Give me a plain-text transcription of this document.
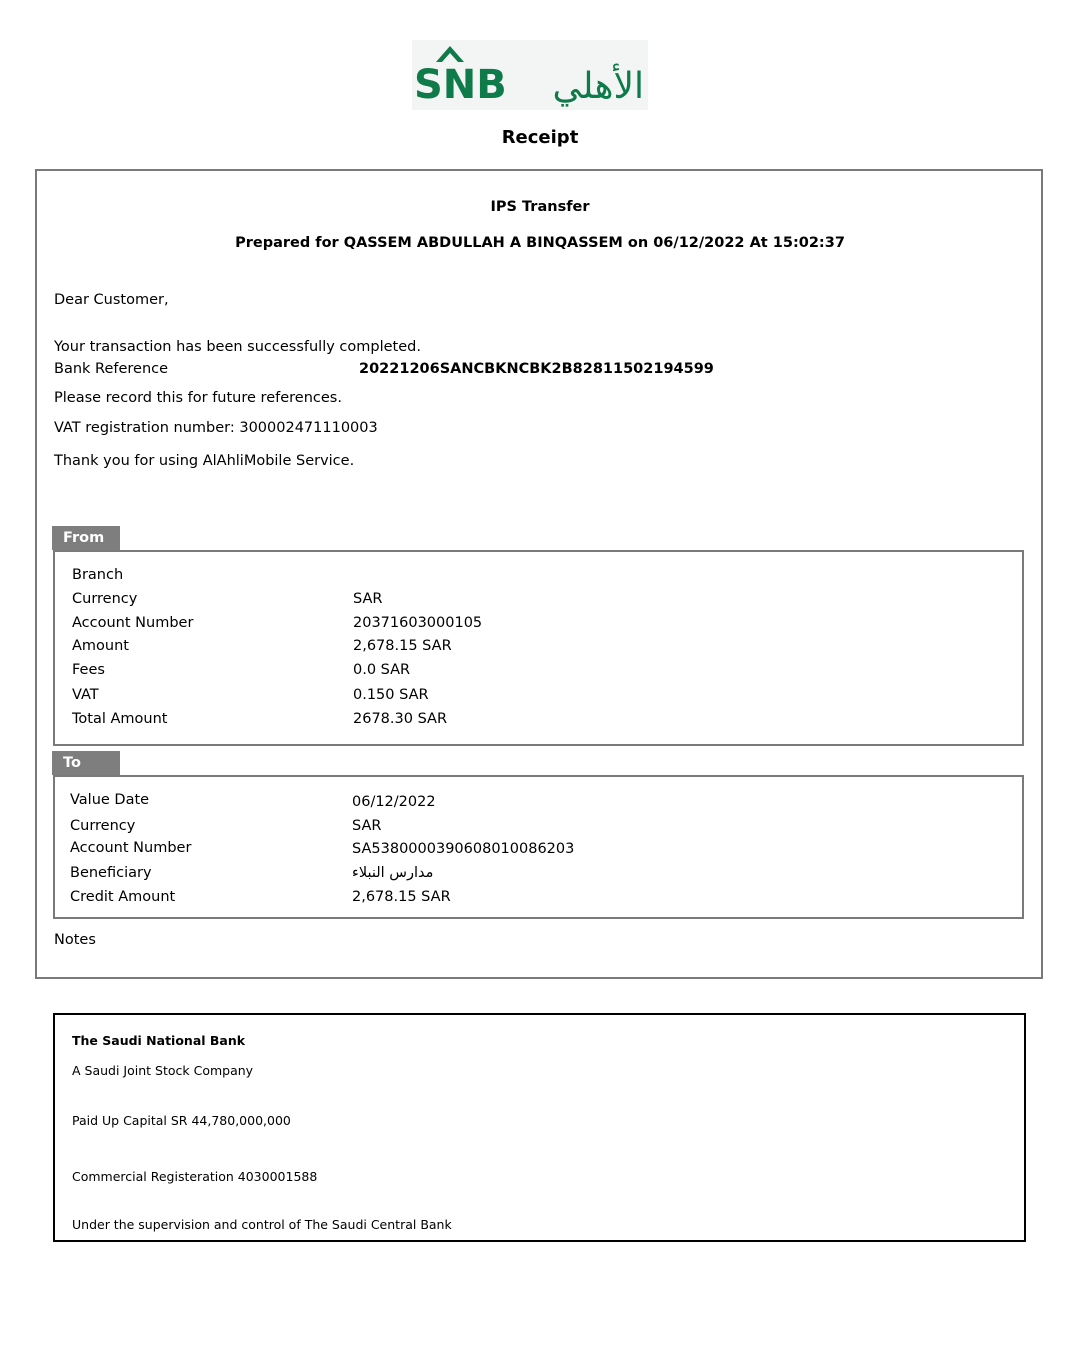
SNB الأهلي
Receipt
IPS Transfer
Prepared for QASSEM ABDULLAH A BINQASSEM on 06/12/2022 At 15:02:37
Dear Customer,
Your transaction has been successfully completed.
Bank Reference	20221206SANCBKNCBK2B82811502194599
Please record this for future references.
VAT registration number: 300002471110003
Thank you for using AlAhliMobile Service.
From
Branch
Currency	SAR
Account Number	20371603000105
Amount	2,678.15 SAR
Fees	0.0 SAR
VAT	0.150 SAR
Total Amount	2678.30 SAR
To
Value Date	06/12/2022
Currency	SAR
Account Number	SA5380000390608010086203
Beneficiary	مدارس النبلاء
Credit Amount	2,678.15 SAR
Notes
The Saudi National Bank
A Saudi Joint Stock Company
Paid Up Capital SR 44,780,000,000
Commercial Registeration 4030001588
Under the supervision and control of The Saudi Central Bank
